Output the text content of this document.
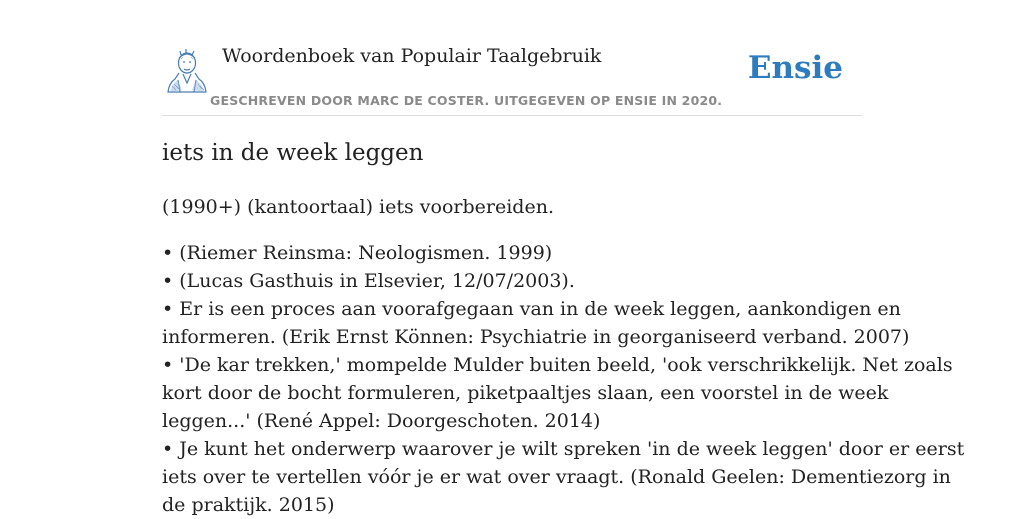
Woordenboek van Populair Taalgebruik
GESCHREVEN DOOR MARC DE COSTER. UITGEGEVEN OP ENSIE IN 2020.
Ensie
iets in de week leggen
(1990+) (kantoortaal) iets voorbereiden.
• (Riemer Reinsma: Neologismen. 1999)
• (Lucas Gasthuis in Elsevier, 12/07/2003).
• Er is een proces aan voorafgegaan van in de week leggen, aankondigen en
informeren. (Erik Ernst Können: Psychiatrie in georganiseerd verband. 2007)
• 'De kar trekken,' mompelde Mulder buiten beeld, 'ook verschrikkelijk. Net zoals
kort door de bocht formuleren, piketpaaltjes slaan, een voorstel in de week
leggen...' (René Appel: Doorgeschoten. 2014)
• Je kunt het onderwerp waarover je wilt spreken 'in de week leggen' door er eerst
iets over te vertellen vóór je er wat over vraagt. (Ronald Geelen: Dementiezorg in
de praktijk. 2015)
